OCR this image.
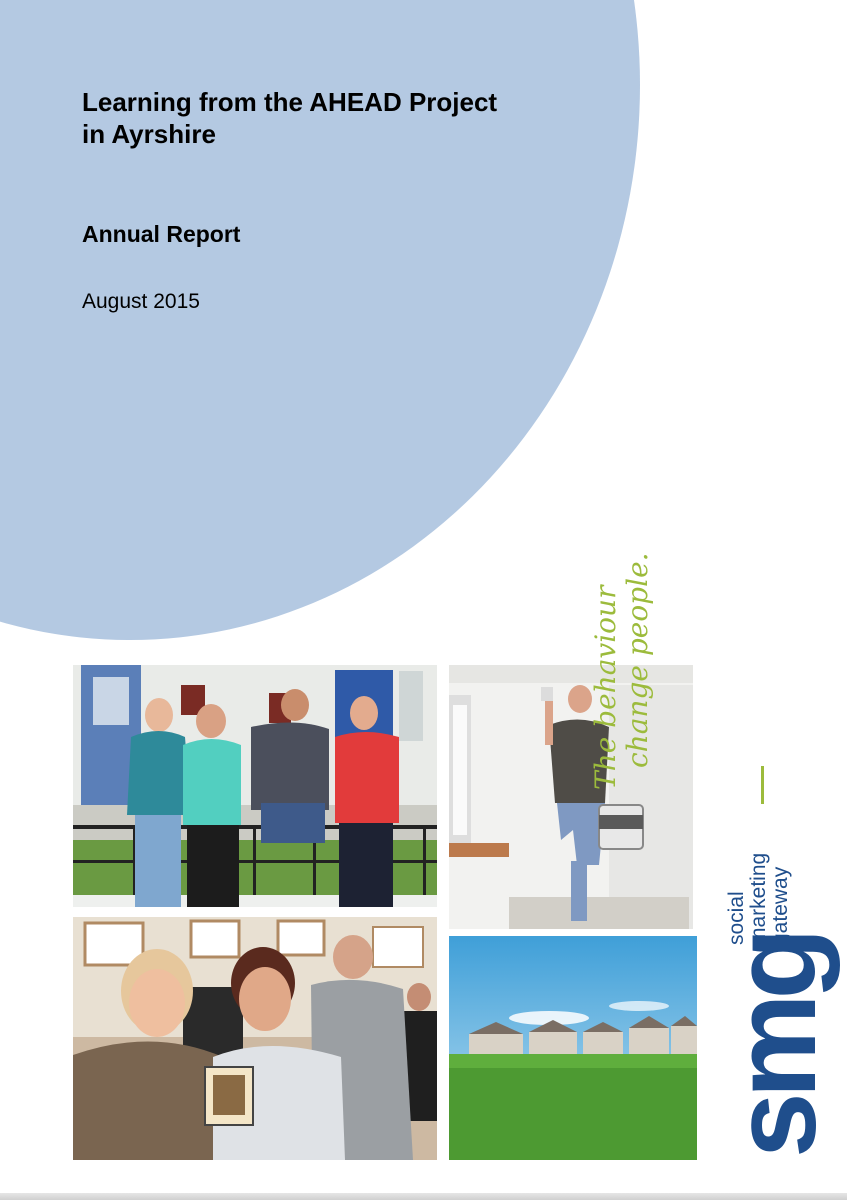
Learning from the AHEAD Project in Ayrshire
Annual Report

August 2015

The behaviour change people.
social marketing gateway
smg
